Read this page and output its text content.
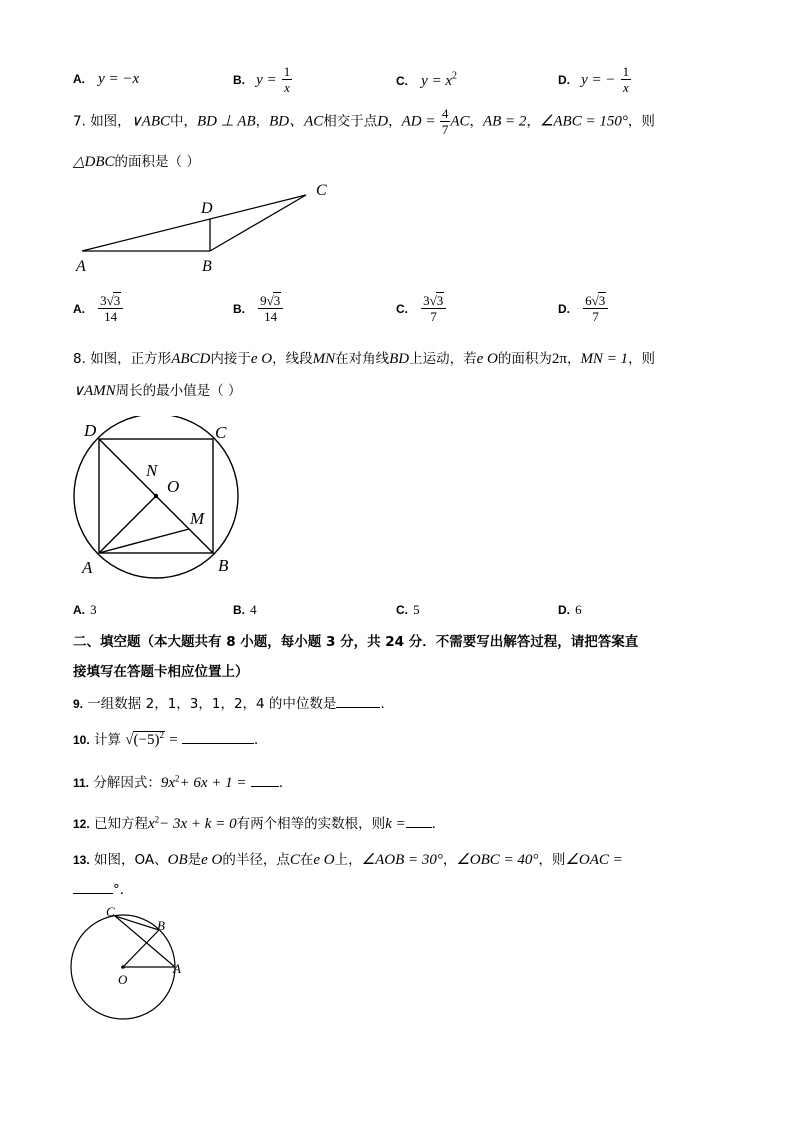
A. y = −x	B. $y = \frac{1}{x}$	C. $y = x^2$	D. y = − $\frac{1}{x}$
7. 如图，∨ABC中，BD ⊥ AB，BD、AC相交于点D，AD = $\frac{4}{7}$ AC，AB = 2，∠ABC = 150°，则
△DBC的面积是（ ）
A	B
C
D
A. $\frac{3√3}{14}$	B. $\frac{9√3}{14}$	C. $\frac{3√3}{7}$	D. $\frac{6√3}{7}$
8. 如图，正方形ABCD内接于e O，线段MN在对角线BD上运动，若e O的面积为2π，MN = 1，则
∨AMN周长的最小值是（ ）
D	C
A	B
N
O
M
A. 3	B. 4	C. 5	D. 6
二、填空题（本大题共有 8 小题，每小题 3 分，共 24 分．不需要写出解答过程，请把答案直
接填写在答题卡相应位置上）
9. 一组数据 2，1，3，1，2，4 的中位数是	．
10. 计算 $√(-5)^2$ =	．
11. 分解因式：$9x^2+ 6x + 1$ = ．
12. 已知方程$x^2- 3x + k = 0$有两个相等的实数根，则k = ．
13. 如图，OA、OB是e O的半径，点C在e O上，∠AOB = 30°，∠OBC = 40°，则∠OAC =
°．
C
B
O
A
